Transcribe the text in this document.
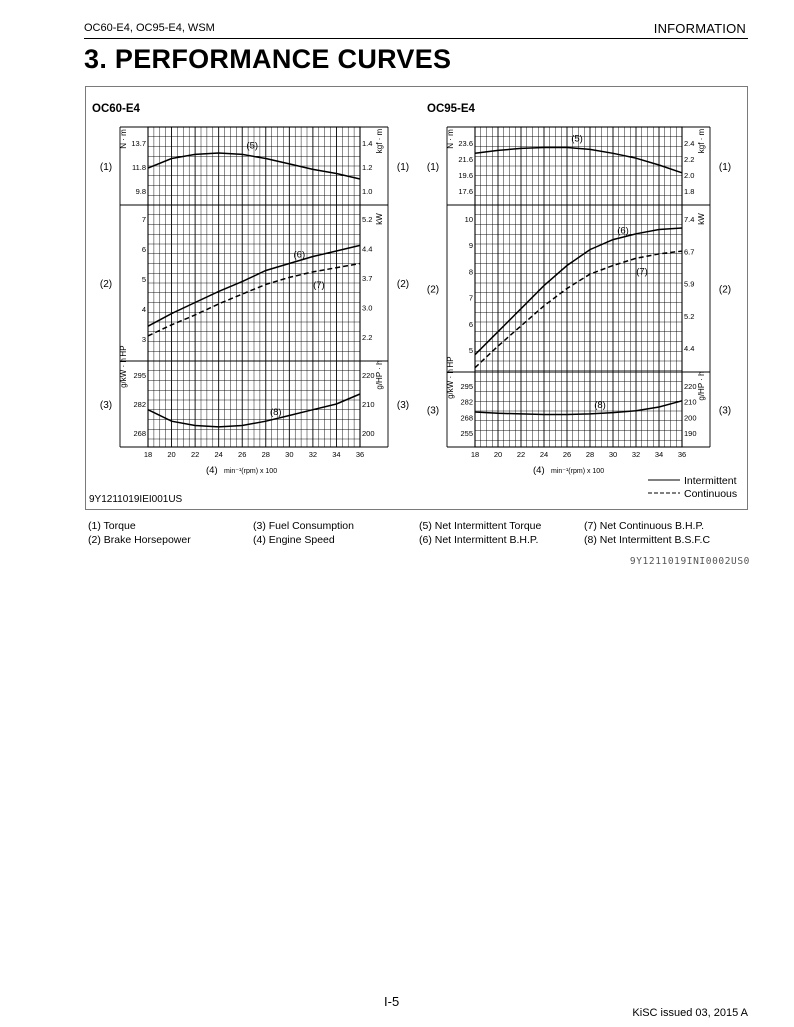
OC60-E4, OC95-E4, WSM	INFORMATION
3. PERFORMANCE CURVES
OC60-E4
18 20 22 24 26 28 30 32 34 36
(4) min⁻¹(rpm) x 100
(1)	(1)
N · m	kgf · m
13.7
11.8
9.8
1.4
1.2
1.0
(5)
(2)	(2)
HP
kW
7
6
5
4
3
5.2
4.4
3.7
3.0
2.2
(6)
(7)
(3)	(3)
g/kW · h	g/HP · h
295
282
268
220
210
200
(8)
OC95-E4
18 20 22 24 26 28 30 32 34 36
(4) min⁻¹(rpm) x 100
(1)	(1)
N · m	kgf · m
23.6
21.6
19.6
17.6
2.4
2.2
2.0
1.8
(5)
(2)	(2)
HP
kW
10
9
8
7
6
5
7.4
6.7
5.9
5.2
4.4
(6)
(7)
(3)	(3)
g/kW · h	g/HP · h
295
282
268
255
220
210
200
190
(8)
Intermittent
Continuous
9Y1211019IEI001US
(1) Torque
(2) Brake Horsepower
(3) Fuel Consumption
(4) Engine Speed
(5) Net Intermittent Torque
(6) Net Intermittent B.H.P.
(7) Net Continuous B.H.P.
(8) Net Intermittent B.S.F.C
9Y1211019INI0002US0
I-5
KiSC issued 03, 2015 A
